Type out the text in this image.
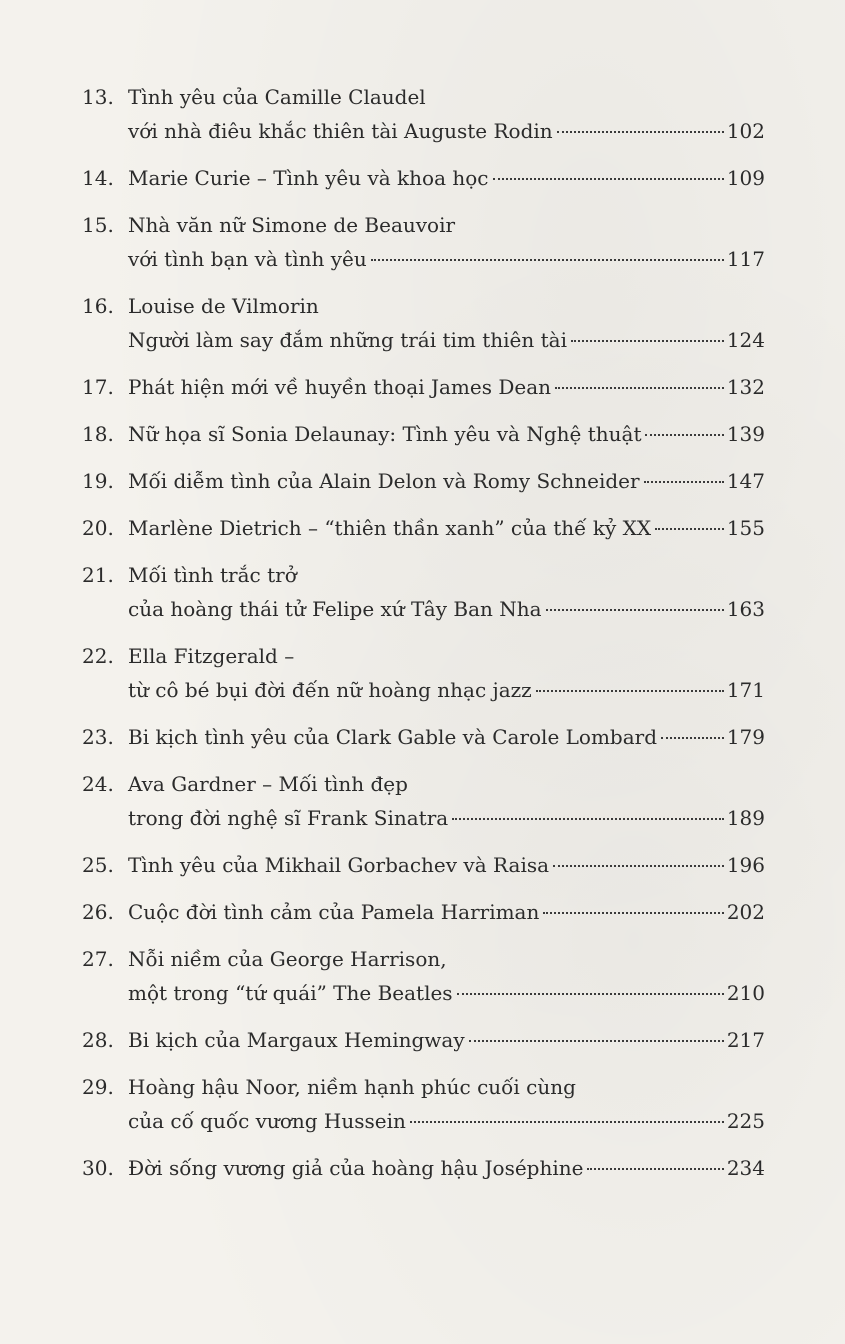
13. Tình yêu của Camille Claudel
với nhà điêu khắc thiên tài Auguste Rodin	102
14. Marie Curie – Tình yêu và khoa học	109
15. Nhà văn nữ Simone de Beauvoir
với tình bạn và tình yêu	117
16. Louise de Vilmorin
Người làm say đắm những trái tim thiên tài	124
17. Phát hiện mới về huyền thoại James Dean	132
18. Nữ họa sĩ Sonia Delaunay: Tình yêu và Nghệ thuật	139
19. Mối diễm tình của Alain Delon và Romy Schneider	147
20. Marlène Dietrich – “thiên thần xanh” của thế kỷ XX	155
21. Mối tình trắc trở
của hoàng thái tử Felipe xứ Tây Ban Nha	163
22. Ella Fitzgerald –
từ cô bé bụi đời đến nữ hoàng nhạc jazz	171
23. Bi kịch tình yêu của Clark Gable và Carole Lombard	179
24. Ava Gardner – Mối tình đẹp
trong đời nghệ sĩ Frank Sinatra	189
25. Tình yêu của Mikhail Gorbachev và Raisa	196
26. Cuộc đời tình cảm của Pamela Harriman	202
27. Nỗi niềm của George Harrison,
một trong “tứ quái” The Beatles	210
28. Bi kịch của Margaux Hemingway	217
29. Hoàng hậu Noor, niềm hạnh phúc cuối cùng
của cố quốc vương Hussein	225
30. Đời sống vương giả của hoàng hậu Joséphine	234
